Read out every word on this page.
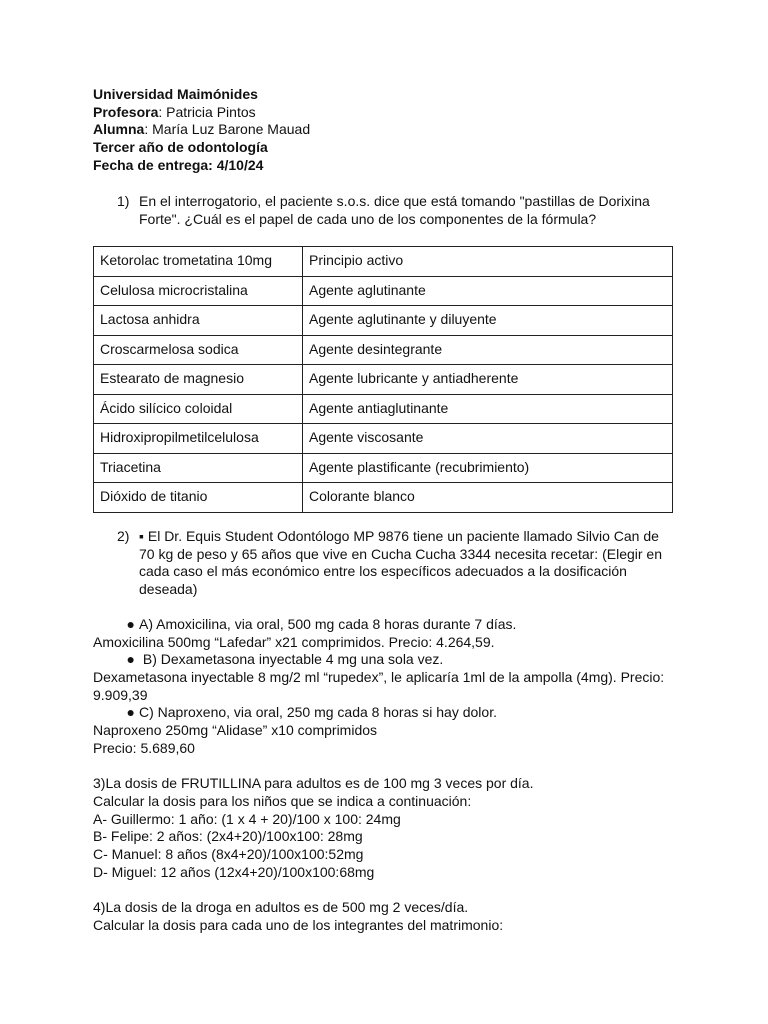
Universidad Maimónides
Profesora: Patricia Pintos
Alumna: María Luz Barone Mauad
Tercer año de odontología
Fecha de entrega: 4/10/24
1) En el interrogatorio, el paciente s.o.s. dice que está tomando "pastillas de Dorixina Forte". ¿Cuál es el papel de cada uno de los componentes de la fórmula?
Ketorolac trometatina 10mg	Principio activo
Celulosa microcristalina	Agente aglutinante
Lactosa anhidra	Agente aglutinante y diluyente
Croscarmelosa sodica	Agente desintegrante
Estearato de magnesio	Agente lubricante y antiadherente
Ácido silícico coloidal	Agente antiaglutinante
Hidroxipropilmetilcelulosa	Agente viscosante
Triacetina	Agente plastificante (recubrimiento)
Dióxido de titanio	Colorante blanco
2) ▪ El Dr. Equis Student Odontólogo MP 9876 tiene un paciente llamado Silvio Can de 70 kg de peso y 65 años que vive en Cucha Cucha 3344 necesita recetar: (Elegir en cada caso el más económico entre los específicos adecuados a la dosificación deseada)
● A) Amoxicilina, via oral, 500 mg cada 8 horas durante 7 días.
Amoxicilina 500mg “Lafedar” x21 comprimidos. Precio: 4.264,59.
● B) Dexametasona inyectable 4 mg una sola vez.
Dexametasona inyectable 8 mg/2 ml “rupedex”, le aplicaría 1ml de la ampolla (4mg). Precio:
9.909,39
● C) Naproxeno, via oral, 250 mg cada 8 horas si hay dolor.
Naproxeno 250mg “Alidase” x10 comprimidos
Precio: 5.689,60
3)La dosis de FRUTILLINA para adultos es de 100 mg 3 veces por día.
Calcular la dosis para los niños que se indica a continuación:
A- Guillermo: 1 año: (1 x 4 + 20)/100 x 100: 24mg
B- Felipe: 2 años: (2x4+20)/100x100: 28mg
C- Manuel: 8 años (8x4+20)/100x100:52mg
D- Miguel: 12 años (12x4+20)/100x100:68mg
4)La dosis de la droga en adultos es de 500 mg 2 veces/día.
Calcular la dosis para cada uno de los integrantes del matrimonio:
